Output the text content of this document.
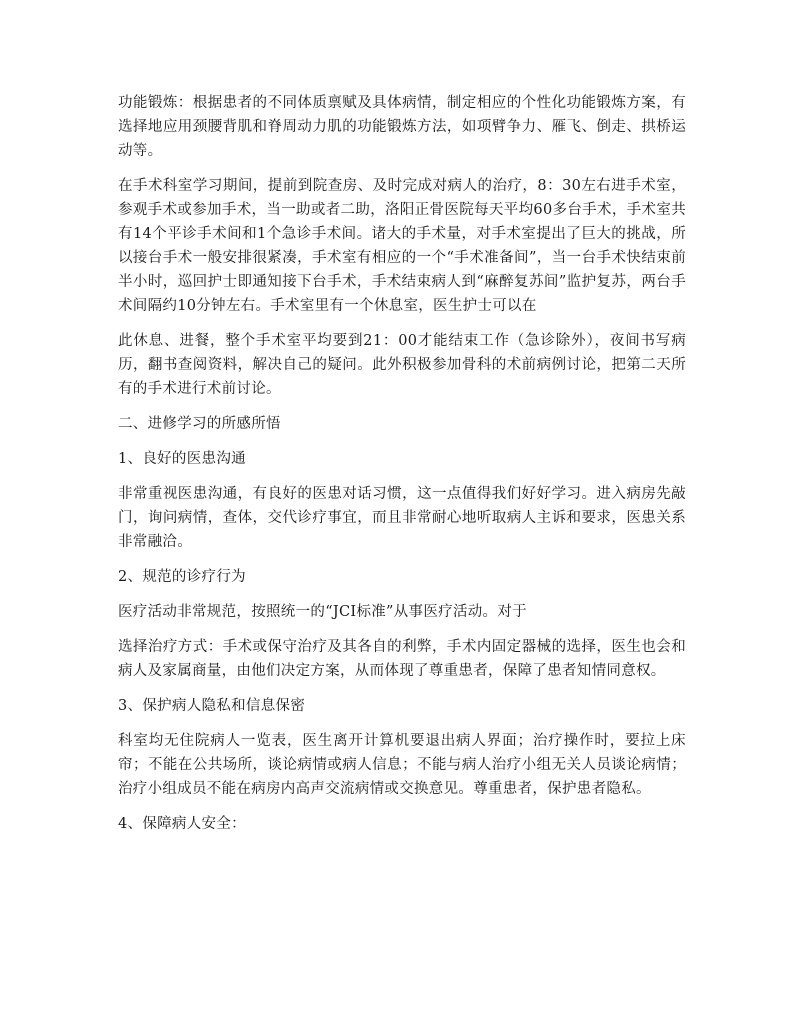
功能锻炼：根据患者的不同体质禀赋及具体病情，制定相应的个性化功能锻炼方案，有选择地应用颈腰背肌和脊周动力肌的功能锻炼方法，如项臂争力、雁飞、倒走、拱桥运动等。

在手术科室学习期间，提前到院查房、及时完成对病人的治疗，8：30左右进手术室，参观手术或参加手术，当一助或者二助，洛阳正骨医院每天平均60多台手术，手术室共有14个平诊手术间和1个急诊手术间。诸大的手术量，对手术室提出了巨大的挑战，所以接台手术一般安排很紧凑，手术室有相应的一个“手术准备间”，当一台手术快结束前半小时，巡回护士即通知接下台手术，手术结束病人到“麻醉复苏间”监护复苏，两台手术间隔约10分钟左右。手术室里有一个休息室，医生护士可以在

此休息、进餐，整个手术室平均要到21：00才能结束工作（急诊除外），夜间书写病历，翻书查阅资料，解决自己的疑问。此外积极参加骨科的术前病例讨论，把第二天所有的手术进行术前讨论。

二、进修学习的所感所悟

1、良好的医患沟通

非常重视医患沟通，有良好的医患对话习惯，这一点值得我们好好学习。进入病房先敲门，询问病情，查体，交代诊疗事宜，而且非常耐心地听取病人主诉和要求，医患关系非常融洽。

2、规范的诊疗行为

医疗活动非常规范，按照统一的“JCI标准”从事医疗活动。对于

选择治疗方式：手术或保守治疗及其各自的利弊，手术内固定器械的选择，医生也会和病人及家属商量，由他们决定方案，从而体现了尊重患者，保障了患者知情同意权。

3、保护病人隐私和信息保密

科室均无住院病人一览表，医生离开计算机要退出病人界面；治疗操作时，要拉上床帘；不能在公共场所，谈论病情或病人信息；不能与病人治疗小组无关人员谈论病情；治疗小组成员不能在病房内高声交流病情或交换意见。尊重患者，保护患者隐私。

4、保障病人安全：
